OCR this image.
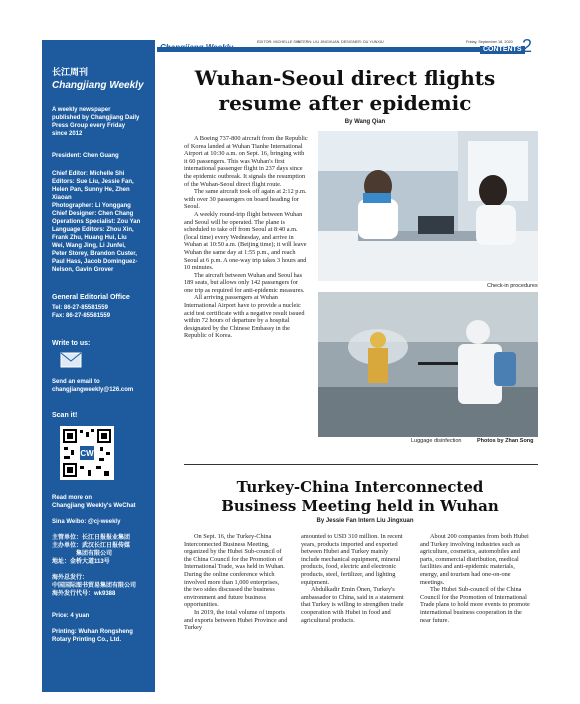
长江周刊
Changjiang Weekly
A weekly newspaper
published by Changjiang Daily
Press Group every Friday
since 2012
President: Chen Guang
Chief Editor: Michelle Shi
Editors: Sue Liu, Jessie Fan,
Helen Pan, Sunny He, Zhen
Xiaoan
Photographer: Li Yonggang
Chief Designer: Chen Chang
Operations Specialist: Zou Yan
Language Editors: Zhou Xin,
Frank Zhu, Huang Hui, Liu
Wei, Wang Jing, Li Junfei,
Peter Storey, Brandon Custer,
Paul Hass, Jacob Dominguez-
Nelson, Gavin Grover
General Editorial Office
Tel: 86-27-85581559
Fax: 86-27-85581559
Write to us:
Send an email to
changjiangweekly@126.com
Scan it!
CW
Read more on
Changjiang Weekly's WeChat
Sina Weibo: @cj-weekly
主管单位：长江日报报业集团
主办单位：武汉长江日报传媒
集团有限公司
地址：金桥大道113号
海外总发行：
中国国际图书贸易集团有限公司
海外发行代号：wk9388
Price: 4 yuan
Printing: Wuhan Rongsheng
Rotary Printing Co., Ltd.
EDITOR: MICHELLE SHI
INTERN: LIU JINGXUAN DESIGNER: DU YUNXIU	Friday, September 18, 2020
CONTENTS 2
Wuhan-Seoul direct flights
resume after epidemic
By Wang Qian

A Boeing 737-800 aircraft from the Republic of Korea landed at Wuhan Tianhe International Airport at 10:30 a.m. on Sept. 16, bringing with it 60 passengers. This was Wuhan's first international passenger flight in 237 days since the epidemic outbreak. It signals the resumption of the Wuhan-Seoul direct flight route.

The same aircraft took off again at 2:12 p.m. with over 30 passengers on board heading for Seoul.

A weekly round-trip flight between Wuhan and Seoul will be operated. The plane is scheduled to take off from Seoul at 8:40 a.m. (local time) every Wednesday, and arrive in Wuhan at 10:50 a.m. (Beijing time); it will leave Wuhan the same day at 1:55 p.m., and reach Seoul at 6 p.m. A one-way trip takes 3 hours and 10 minutes.

The aircraft between Wuhan and Seoul has 189 seats, but allows only 142 passengers for one trip as required for anti-epidemic measures.

All arriving passengers at Wuhan International Airport have to provide a nucleic acid test certificate with a negative result issued within 72 hours of departure by a hospital designated by the Chinese Embassy in the Republic of Korea.

Check-in procedures
Luggage disinfection	Photos by Zhan Song
Turkey-China Interconnected
Business Meeting held in Wuhan
By Jessie Fan Intern Liu Jingxuan

On Sept. 16, the Turkey-China Interconnected Business Meeting, organized by the Hubei Sub-council of the China Council for the Promotion of International Trade, was held in Wuhan. During the online conference which involved more than 1,000 enterprises, the two sides discussed the business environment and future business opportunities.

In 2019, the total volume of imports and exports between Hubei Province and Turkey

amounted to USD 310 million. In recent years, products imported and exported between Hubei and Turkey mainly include mechanical equipment, mineral products, food, electric and electronic products, steel, fertilizer, and lighting equipment.

Abdulkadir Emin Önen, Turkey's ambassador to China, said in a statement that Turkey is willing to strengthen trade cooperation with Hubei in food and agricultural products.

About 200 companies from both Hubei and Turkey involving industries such as agriculture, cosmetics, automobiles and parts, commercial distribution, medical facilities and anti-epidemic materials, energy, and tourism had one-on-one meetings.

The Hubei Sub-council of the China Council for the Promotion of International Trade plans to hold more events to promote international business cooperation in the near future.
